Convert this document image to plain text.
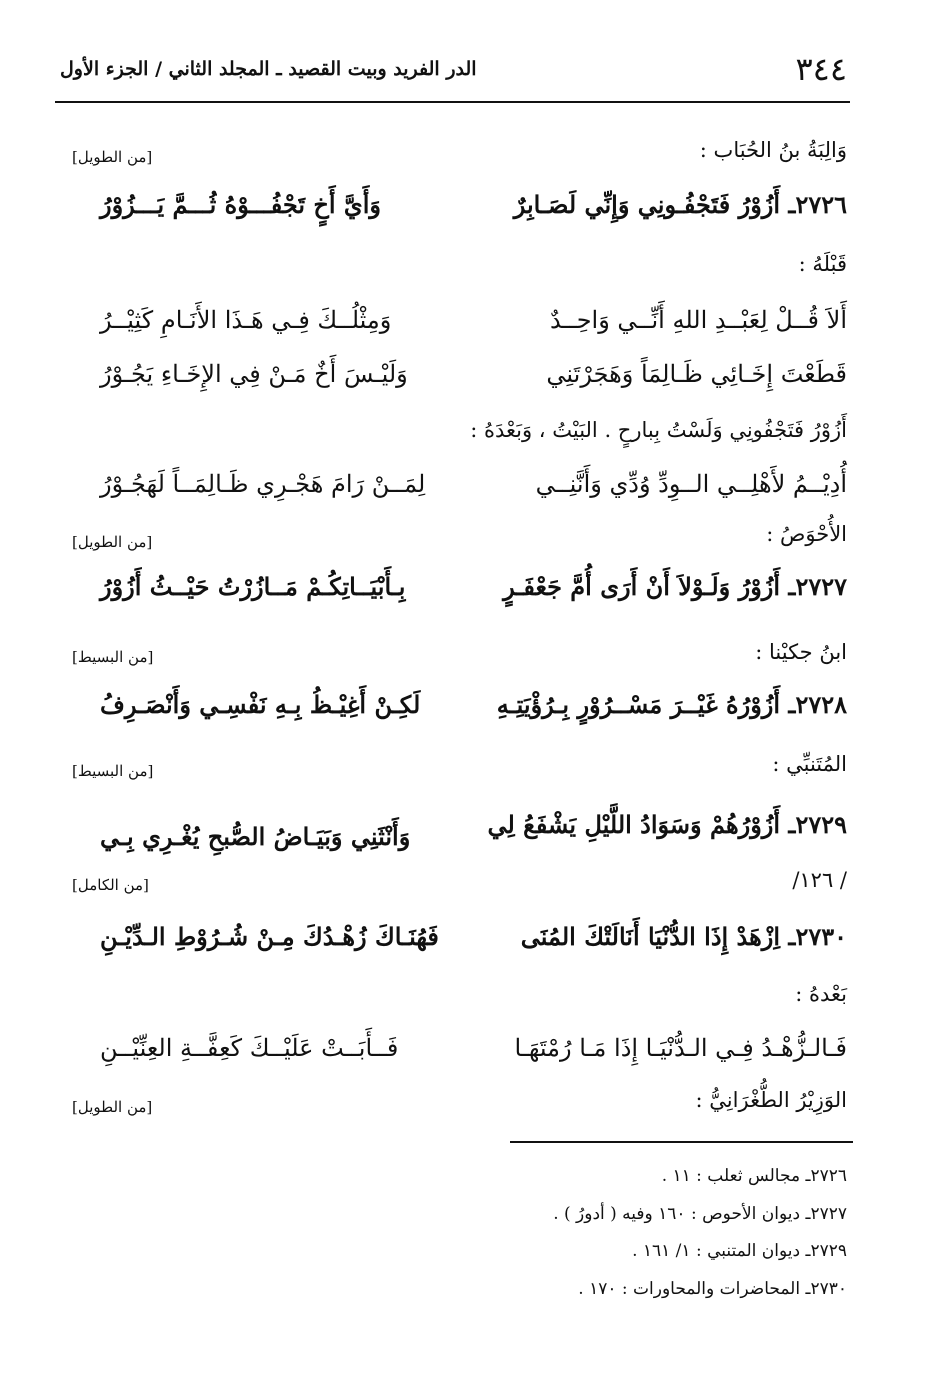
٣٤٤
الدر الفريد وبيت القصيد ـ المجلد الثاني / الجزء الأول
وَالِبَةُ بنُ الحُبَاب :
[من الطويل]
٢٧٢٦ـ أَزُوْرُ فَتَجْفُـونِي وَإِنِّي لَصَـابِرٌ
وَأَيَّ أَخٍ تَجْفُـــوْهُ ثُـــمَّ يَـــزُوْرُ
قَبْلَهُ :
أَلاَ قُــلْ لِعَبْــدِ اللهِ أَنِّــي وَاحِــدٌ
وَمِثْلُــكَ فِـي هَـذَا الأَنَـامِ كَثِيْــرُ
قَطَعْتَ إِخَـائِي ظَـالِمَاً وَهَجَرْتَنِي
وَلَيْـسَ أَخٌ مَـنْ فِي الإِخَـاءِ يَجُـوْرُ
أَزُوْرُ فَتَجْفُونِي وَلَسْتُ بِبارحٍ . البَيْتُ ، وَبَعْدَهُ :
أُدِيْــمُ لأَهْلِــي الــوِدِّ وُدِّي وَأَنَّنِــي
لِمَــنْ رَامَ هَجْـرِي ظَـالِمَــاً لَهَجُـوْرُ
الأُحْوَصُ :
[من الطويل]
٢٧٢٧ـ أَزُوْرُ وَلَـوْلاَ أَنْ أَرَى أُمَّ جَعْفَـرٍ
بِـأَبْيَــاتِكُـمْ مَــازُرْتُ حَيْــثُ أَزُوْرُ
ابنُ جكيْنا :
[من البسيط]
٢٧٢٨ـ أَزُوْرُهُ غَيْــرَ مَسْــرُوْرٍ بِـرُؤْيَتِـهِ
لَكِـنْ أَغِيْـظُ بِـهِ نَفْسِـي وَأَنْصَـرِفُ
المُتَنبِّي :
[من البسيط]
٢٧٢٩ـ أَزُوْرُهُمْ وَسَوَادُ اللَّيْلِ يَشْفَعُ لِي
وَأَنْثَنِي وَبَيَـاضُ الصُّبحِ يُغْـرِي بِـي
/ ١٢٦/
[من الكامل]
٢٧٣٠ـ اِزْهَدْ إِذَا الدُّنْيَا أَنَالَتْكَ المُنَى
فَهُنَـاكَ زُهْـدُكَ مِـنْ شُـرُوْطِ الـدِّيْـنِ
بَعْدهُ :
فَـالـزُّهْـدُ فِـي الـدُّنْيَـا إِذَا مَـا رُمْتَهَـا
فَــأَبَــتْ عَلَيْــكَ كَعِفَّــةِ العِنِّيْــنِ
الوَزِيْرُ الطُّغْرَانِيُّ :
[من الطويل]
٢٧٢٦ـ مجالس ثعلب : ١١ .
٢٧٢٧ـ ديوان الأحوص : ١٦٠ وفيه ( أدورُ ) .
٢٧٢٩ـ ديوان المتنبي : ١/ ١٦١ .
٢٧٣٠ـ المحاضرات والمحاورات : ١٧٠ .
